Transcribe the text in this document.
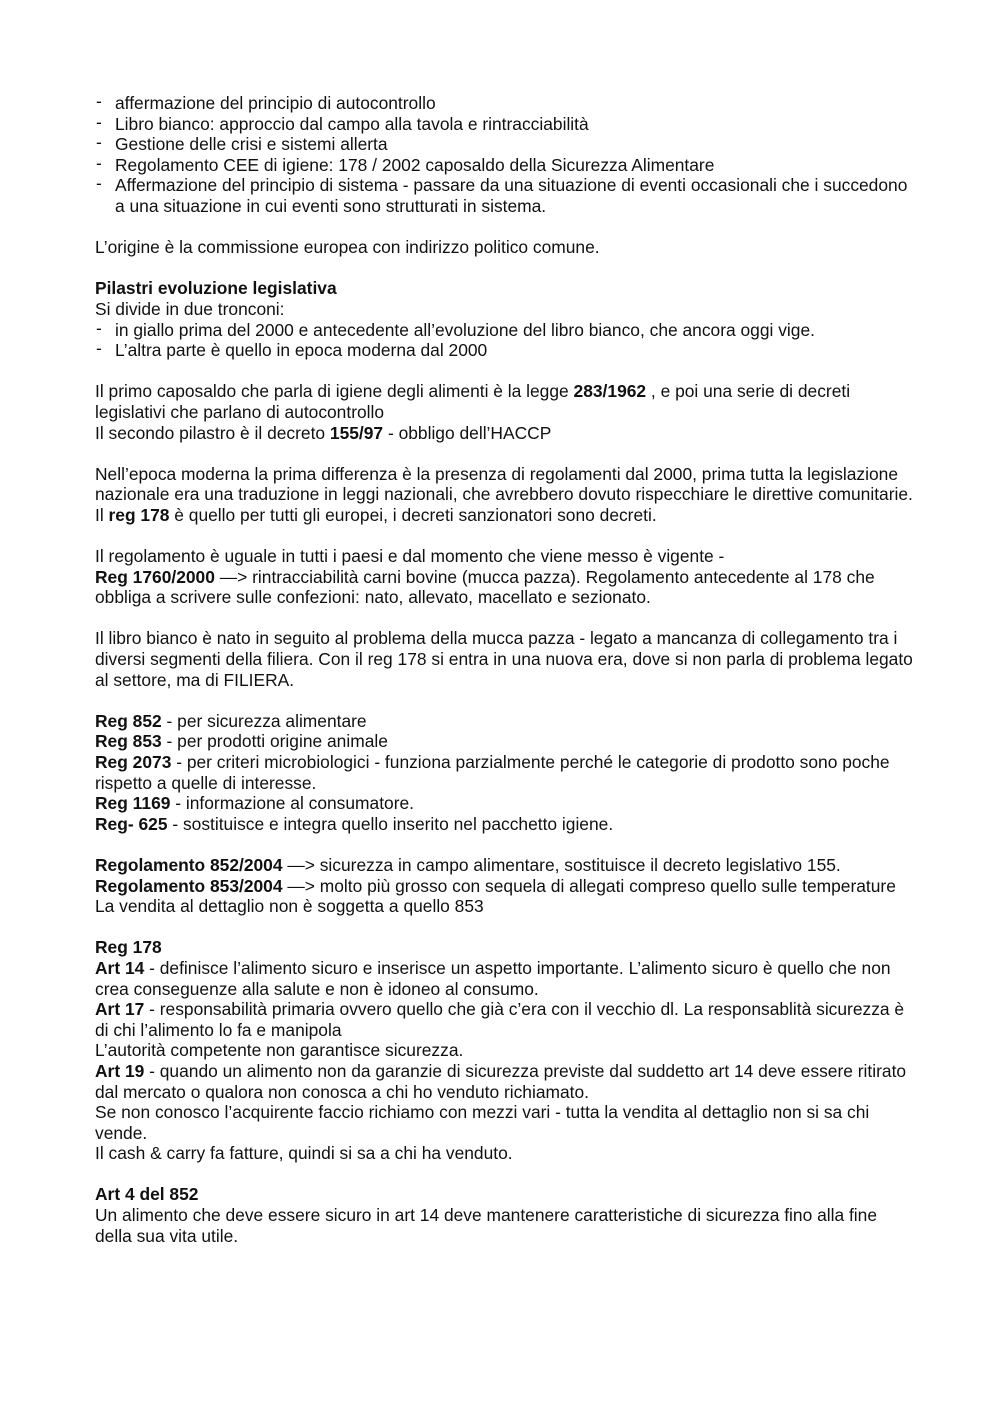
- affermazione del principio di autocontrollo
- Libro bianco: approccio dal campo alla tavola e rintracciabilità
- Gestione delle crisi e sistemi allerta
- Regolamento CEE di igiene: 178 / 2002 caposaldo della Sicurezza Alimentare
- Affermazione del principio di sistema - passare da una situazione di eventi occasionali che i succedono a una situazione in cui eventi sono strutturati in sistema.

L’origine è la commissione europea con indirizzo politico comune.

Pilastri evoluzione legislativa

Si divide in due tronconi:

- in giallo prima del 2000 e antecedente all’evoluzione del libro bianco, che ancora oggi vige.
- L’altra parte è quello in epoca moderna dal 2000

Il primo caposaldo che parla di igiene degli alimenti è la legge 283/1962 , e poi una serie di decreti legislativi che parlano di autocontrollo

Il secondo pilastro è il decreto 155/97 - obbligo dell’HACCP

Nell’epoca moderna la prima differenza è la presenza di regolamenti dal 2000, prima tutta la legislazione nazionale era una traduzione in leggi nazionali, che avrebbero dovuto rispecchiare le direttive comunitarie.

Il reg 178 è quello per tutti gli europei, i decreti sanzionatori sono decreti.

Il regolamento è uguale in tutti i paesi e dal momento che viene messo è vigente -

Reg 1760/2000 —> rintracciabilità carni bovine (mucca pazza). Regolamento antecedente al 178 che obbliga a scrivere sulle confezioni: nato, allevato, macellato e sezionato.

Il libro bianco è nato in seguito al problema della mucca pazza - legato a mancanza di collegamento tra i diversi segmenti della filiera. Con il reg 178 si entra in una nuova era, dove si non parla di problema legato al settore, ma di FILIERA.

Reg 852 - per sicurezza alimentare

Reg 853 - per prodotti origine animale

Reg 2073 - per criteri microbiologici - funziona parzialmente perché le categorie di prodotto sono poche rispetto a quelle di interesse.

Reg 1169 - informazione al consumatore.

Reg- 625 - sostituisce e integra quello inserito nel pacchetto igiene.

Regolamento 852/2004 —> sicurezza in campo alimentare, sostituisce il decreto legislativo 155.

Regolamento 853/2004 —> molto più grosso con sequela di allegati compreso quello sulle temperature

La vendita al dettaglio non è soggetta a quello 853

Reg 178

Art 14 - definisce l’alimento sicuro e inserisce un aspetto importante. L’alimento sicuro è quello che non crea conseguenze alla salute e non è idoneo al consumo.

Art 17 - responsabilità primaria ovvero quello che già c’era con il vecchio dl. La responsablità sicurezza è di chi l’alimento lo fa e manipola

L’autorità competente non garantisce sicurezza.

Art 19 - quando un alimento non da garanzie di sicurezza previste dal suddetto art 14 deve essere ritirato dal mercato o qualora non conosca a chi ho venduto richiamato.

Se non conosco l’acquirente faccio richiamo con mezzi vari - tutta la vendita al dettaglio non si sa chi vende.

Il cash & carry fa fatture, quindi si sa a chi ha venduto.

Art 4 del 852

Un alimento che deve essere sicuro in art 14 deve mantenere caratteristiche di sicurezza fino alla fine della sua vita utile.
